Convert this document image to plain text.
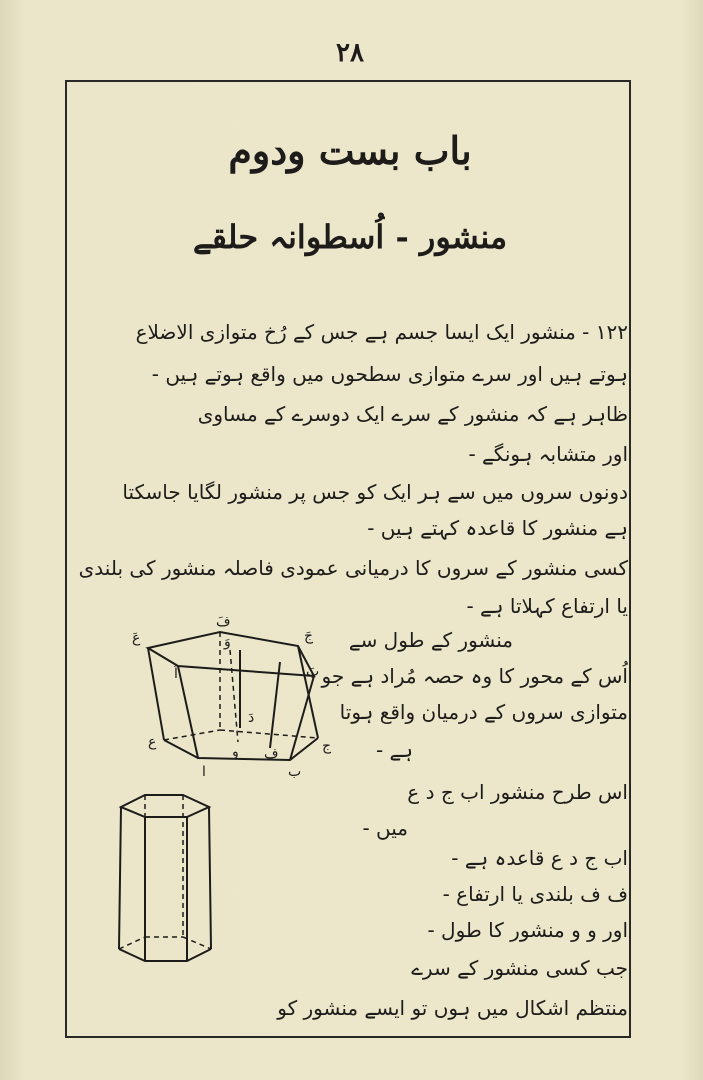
۲۸
باب بست ودوم
منشور - اُسطوانہ حلقے
۱۲۲ - منشور ایک ایسا جسم ہے جس کے رُخ متوازی الاضلاع
ہوتے ہیں اور سرے متوازی سطحوں میں واقع ہوتے ہیں -
ظاہر ہے کہ منشور کے سرے ایک دوسرے کے مساوی
اور متشابہ ہونگے -
دونوں سروں میں سے ہر ایک کو جس پر منشور لگایا جاسکتا
ہے منشور کا قاعدہ کہتے ہیں -
کسی منشور کے سروں کا درمیانی عمودی فاصلہ منشور کی بلندی
یا ارتفاع کہلاتا ہے -
منشور کے طول سے
اُس کے محور کا وہ حصہ مُراد ہے جو
متوازی سروں کے درمیان واقع ہوتا
ہے -
اس طرح منشور اب ج د ع
میں -
اب ج د ع قاعدہ ہے -
ف ف بلندی یا ارتفاع -
اور و و منشور کا طول -
جب کسی منشور کے سرے
منتظم اشکال میں ہوں تو ایسے منشور کو
عَ
فَ
وَ	جَ
بَ
اَ
دَ
ع
و ف	ج
ا	ب
